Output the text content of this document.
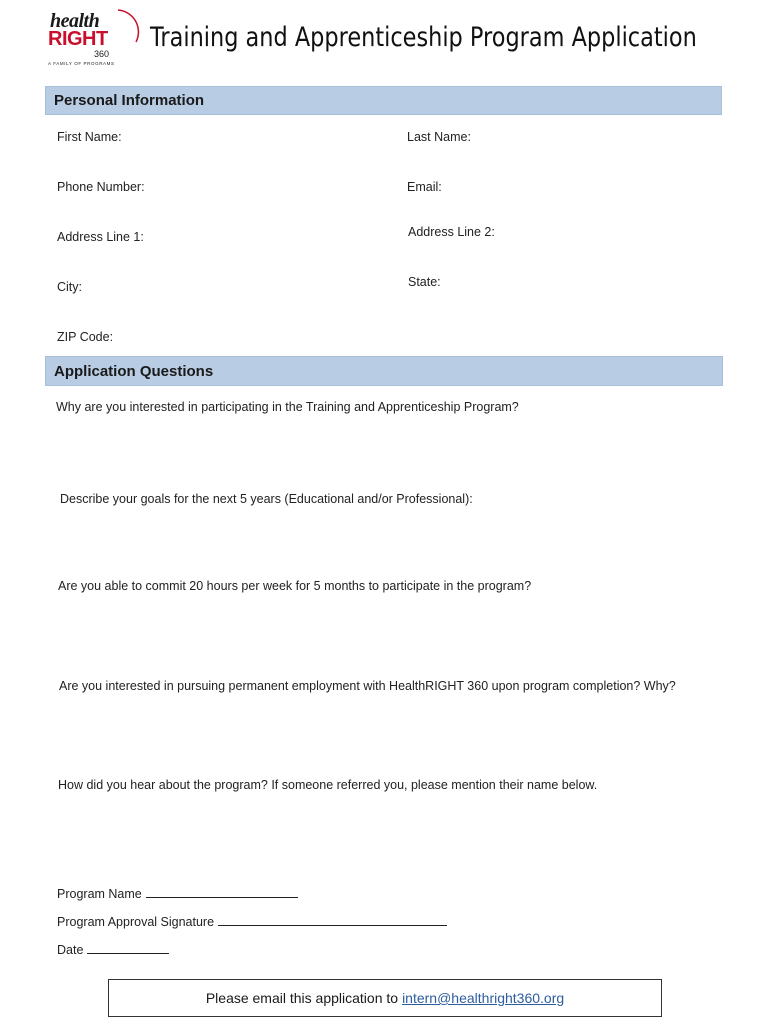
health
RIGHT
360
A FAMILY OF PROGRAMS
Training and Apprenticeship Program Application
Personal Information
First Name:	Last Name:
Phone Number:	Email:
Address Line 1:	Address Line 2:
City:	State:
ZIP Code:
Application Questions
Why are you interested in participating in the Training and Apprenticeship Program?
Describe your goals for the next 5 years (Educational and/or Professional):
Are you able to commit 20 hours per week for 5 months to participate in the program?
Are you interested in pursuing permanent employment with HealthRIGHT 360 upon program completion? Why?
How did you hear about the program? If someone referred you, please mention their name below.
Program Name
Program Approval Signature
Date
Please email this application to intern@healthright360.org
